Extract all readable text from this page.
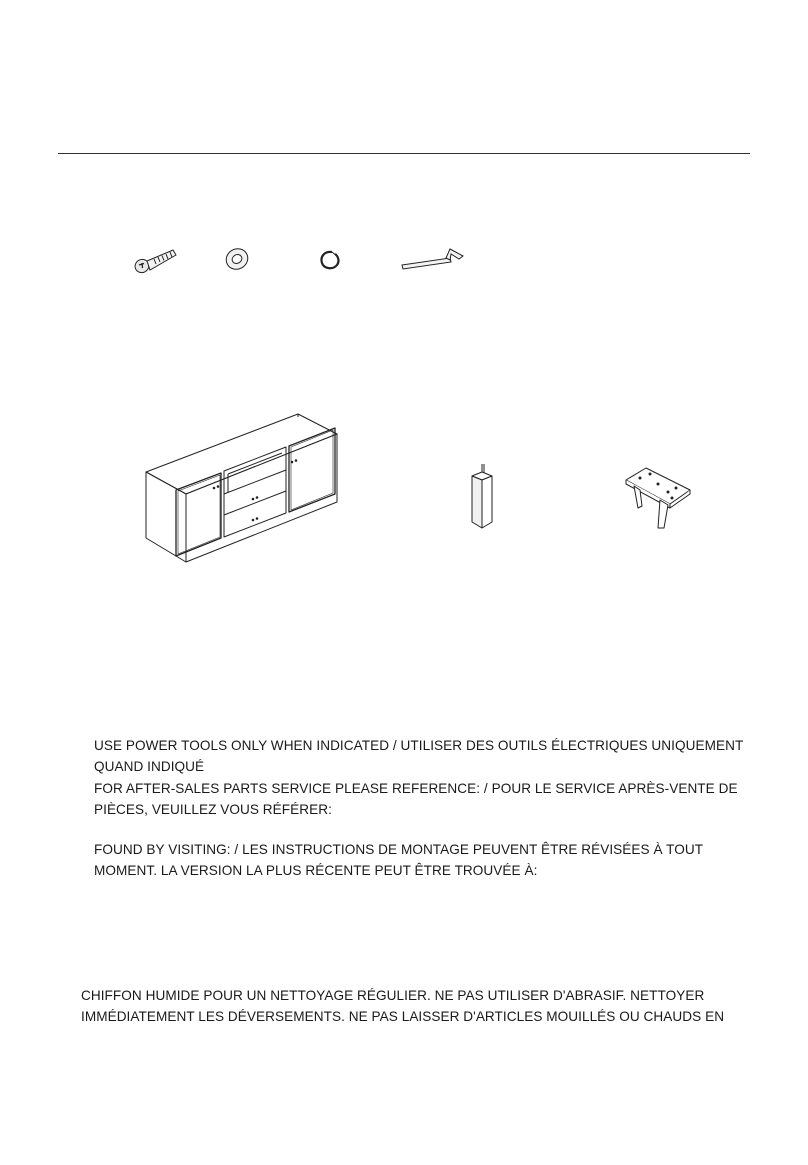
USE POWER TOOLS ONLY WHEN INDICATED / UTILISER DES OUTILS ÉLECTRIQUES UNIQUEMENT
QUAND INDIQUÉ

FOR AFTER-SALES PARTS SERVICE PLEASE REFERENCE: / POUR LE SERVICE APRÈS-VENTE DE
PIÈCES, VEUILLEZ VOUS RÉFÉRER:

FOUND BY VISITING: / LES INSTRUCTIONS DE MONTAGE PEUVENT ÊTRE RÉVISÉES À TOUT
MOMENT. LA VERSION LA PLUS RÉCENTE PEUT ÊTRE TROUVÉE À:

CHIFFON HUMIDE POUR UN NETTOYAGE RÉGULIER. NE PAS UTILISER D'ABRASIF. NETTOYER
IMMÉDIATEMENT LES DÉVERSEMENTS. NE PAS LAISSER D'ARTICLES MOUILLÉS OU CHAUDS EN
